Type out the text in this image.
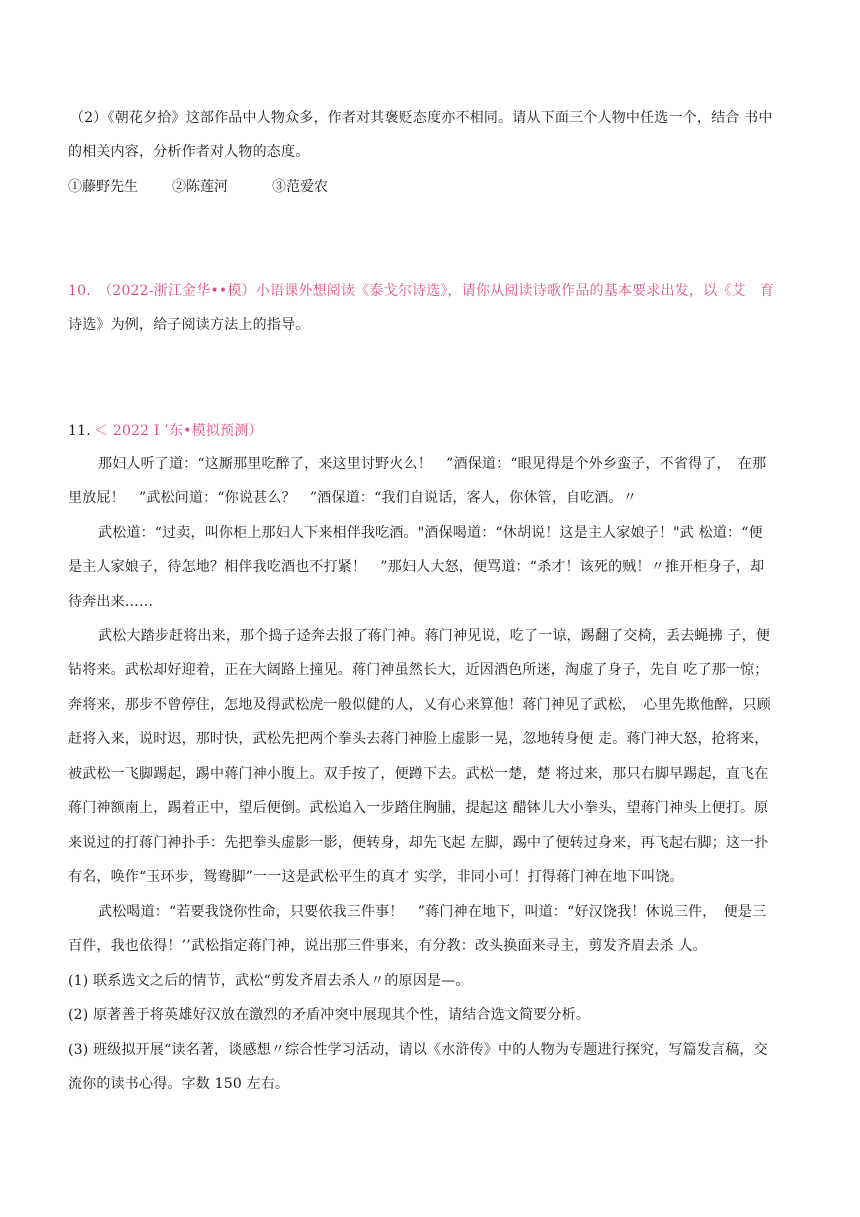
（2）《朝花夕拾》这部作品中人物众多，作者对其褒贬态度亦不相同。请从下面三个人物中任选一个，结合 书中
的相关内容，分析作者对人物的态度。
①藤野先生 ②陈莲河	③范爱农
10.　（2022-浙江金华••模）小语课外想阅读《泰戈尔诗选》，请你从阅读诗歌作品的基本要求出发，以《艾　育
诗选》为例，给子阅读方法上的指导。
11. ＜ 2022 I ’东•模拟预测）
那妇人听了道：“这厮那里吃醉了，来这里讨野火么！　”酒保道：“眼见得是个外乡蛮子，不省得了，　在那
里放屁！　”武松问道：“你说甚么？　”酒保道：“我们自说话，客人，你休管，自吃酒。〃
武松道：“过卖，叫你柜上那妇人下来相伴我吃酒。"酒保喝道：“休胡说！这是主人家娘子！"武 松道：“便
是主人家娘子，待怎地？相伴我吃酒也不打紧！　”那妇人大怒，便骂道：“杀才！该死的贼！〃推开柜身子，却
待奔出来……
武松大踏步赶将出来，那个捣子迳奔去报了蒋门神。蒋门神见说，吃了一谅，踢翻了交椅，丢去蝇拂 子，便
钻将来。武松却好迎着，正在大阔路上撞见。蒋门神虽然长大，近因酒色所迷，淘虚了身子，先自 吃了那一惊；
奔将来，那步不曾停住，怎地及得武松虎一般似健的人，乂有心来算他！蒋门神见了武松，　心里先欺他醉，只顾
赶将入来，说时迟，那时快，武松先把两个拳头去蒋门神脸上虚影一晃，忽地转身便 走。蒋门神大怒，抢将来，
被武松一飞脚踢起，踢中蒋门神小腹上。双手按了，便蹲下去。武松一楚，楚 将过来，那只右脚早踢起，直飞在
蒋门神额南上，踢着正中，望后便倒。武松追入一步踏住胸脯，提起这 醋钵儿大小拳头，望蒋门神头上便打。原
来说过的打蒋门神扑手：先把拳头虚影一影，便转身，却先飞起 左脚，踢中了便转过身来，再飞起右脚；这一扑
有名，唤作“玉环步，鸳鸯脚”一一这是武松平生的真才 实学，非同小可！打得蒋门神在地下叫饶。
武松喝道：“若要我饶你性命，只要依我三件事！　”蒋门神在地下，叫道：“好汉饶我！休说三件，　便是三
百件，我也依得！’’武松指定蒋门神，说出那三件事来，有分教：改头换面来寻主，剪发齐眉去杀 人。
(1) 联系选文之后的情节，武松“剪发齐眉去杀人〃的原因是—。
(2) 原著善于将英雄好汉放在激烈的矛盾冲突中展现其个性，请结合选文简要分析。
(3) 班级拟开展“读名著，谈感想〃综合性学习活动，请以《水浒传》中的人物为专题进行探究，写篇发言稿，交
流你的读书心得。字数 150 左右。
